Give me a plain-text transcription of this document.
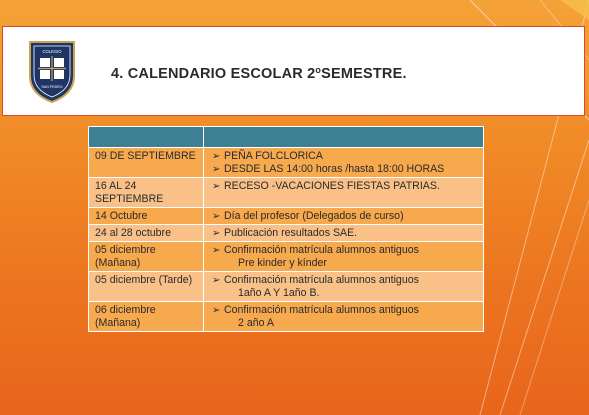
COLEGIO
SAN PEDRO
4. CALENDARIO ESCOLAR 2$^o$SEMESTRE.

09 DE SEPTIEMBRE	➢ PEÑA FOLCLORICA
➢ DESDE LAS 14:00 horas /hasta 18:00 HORAS

16 AL 24 SEPTIEMBRE	➢ RECESO -VACACIONES FIESTAS PATRIAS.

14 Octubre	➢ Día del profesor (Delegados de curso)

24 al 28 octubre	➢ Publicación resultados SAE.

05 diciembre (Mañana)	➢ Confirmación matrícula alumnos antiguos
Pre kinder y kínder

05 diciembre (Tarde)	➢ Confirmación matrícula alumnos antiguos
1año A Y 1año B.

06 diciembre (Mañana)	➢ Confirmación matrícula alumnos antiguos
2 año A
